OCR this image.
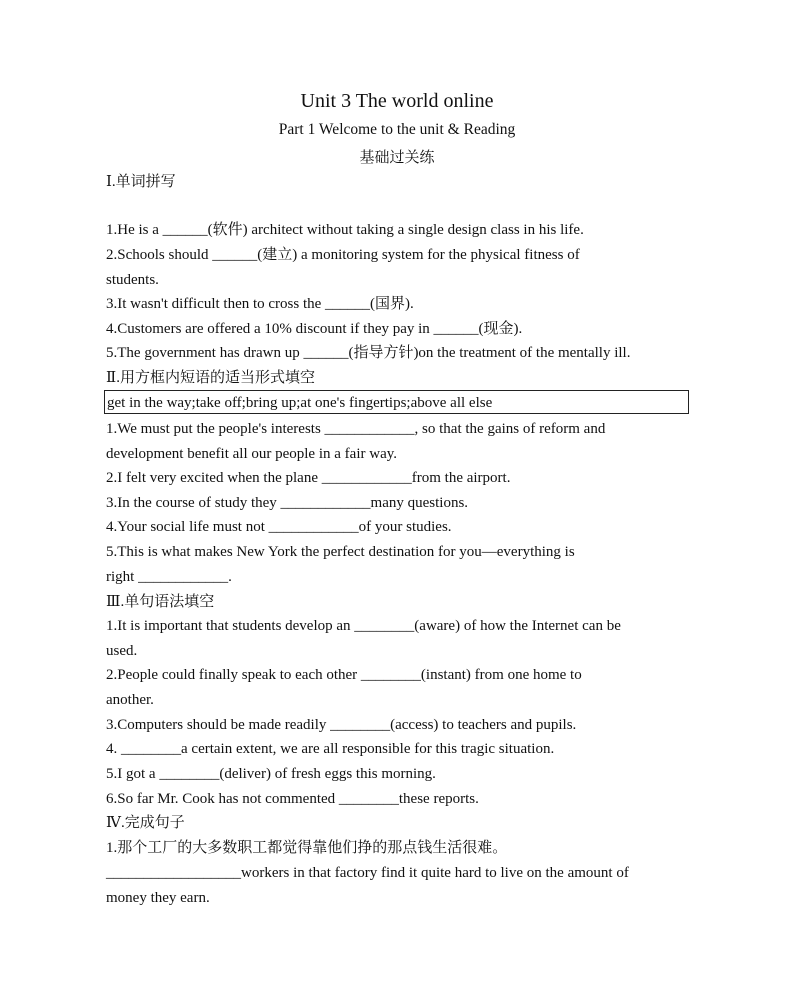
Unit 3 The world online
Part 1 Welcome to the unit & Reading
基础过关练
Ⅰ.单词拼写
1.He is a ______(软件) architect without taking a single design class in his life.
2.Schools should ______(建立) a monitoring system for the physical fitness of
students.
3.It wasn't difficult then to cross the ______(国界).
4.Customers are offered a 10% discount if they pay in ______(现金).
5.The government has drawn up ______(指导方针)on the treatment of the mentally ill.
Ⅱ.用方框内短语的适当形式填空
get in the way;take off;bring up;at one's fingertips;above all else
1.We must put the people's interests ____________, so that the gains of reform and
development benefit all our people in a fair way.
2.I felt very excited when the plane ____________from the airport.
3.In the course of study they ____________many questions.
4.Your social life must not ____________of your studies.
5.This is what makes New York the perfect destination for you—everything is
right ____________.
Ⅲ.单句语法填空
1.It is important that students develop an ________(aware) of how the Internet can be
used.
2.People could finally speak to each other ________(instant) from one home to
another.
3.Computers should be made readily ________(access) to teachers and pupils.
4. ________a certain extent, we are all responsible for this tragic situation.
5.I got a ________(deliver) of fresh eggs this morning.
6.So far Mr. Cook has not commented ________these reports.
Ⅳ.完成句子
1.那个工厂的大多数职工都觉得靠他们挣的那点钱生活很难。
__________________workers in that factory find it quite hard to live on the amount of
money they earn.
